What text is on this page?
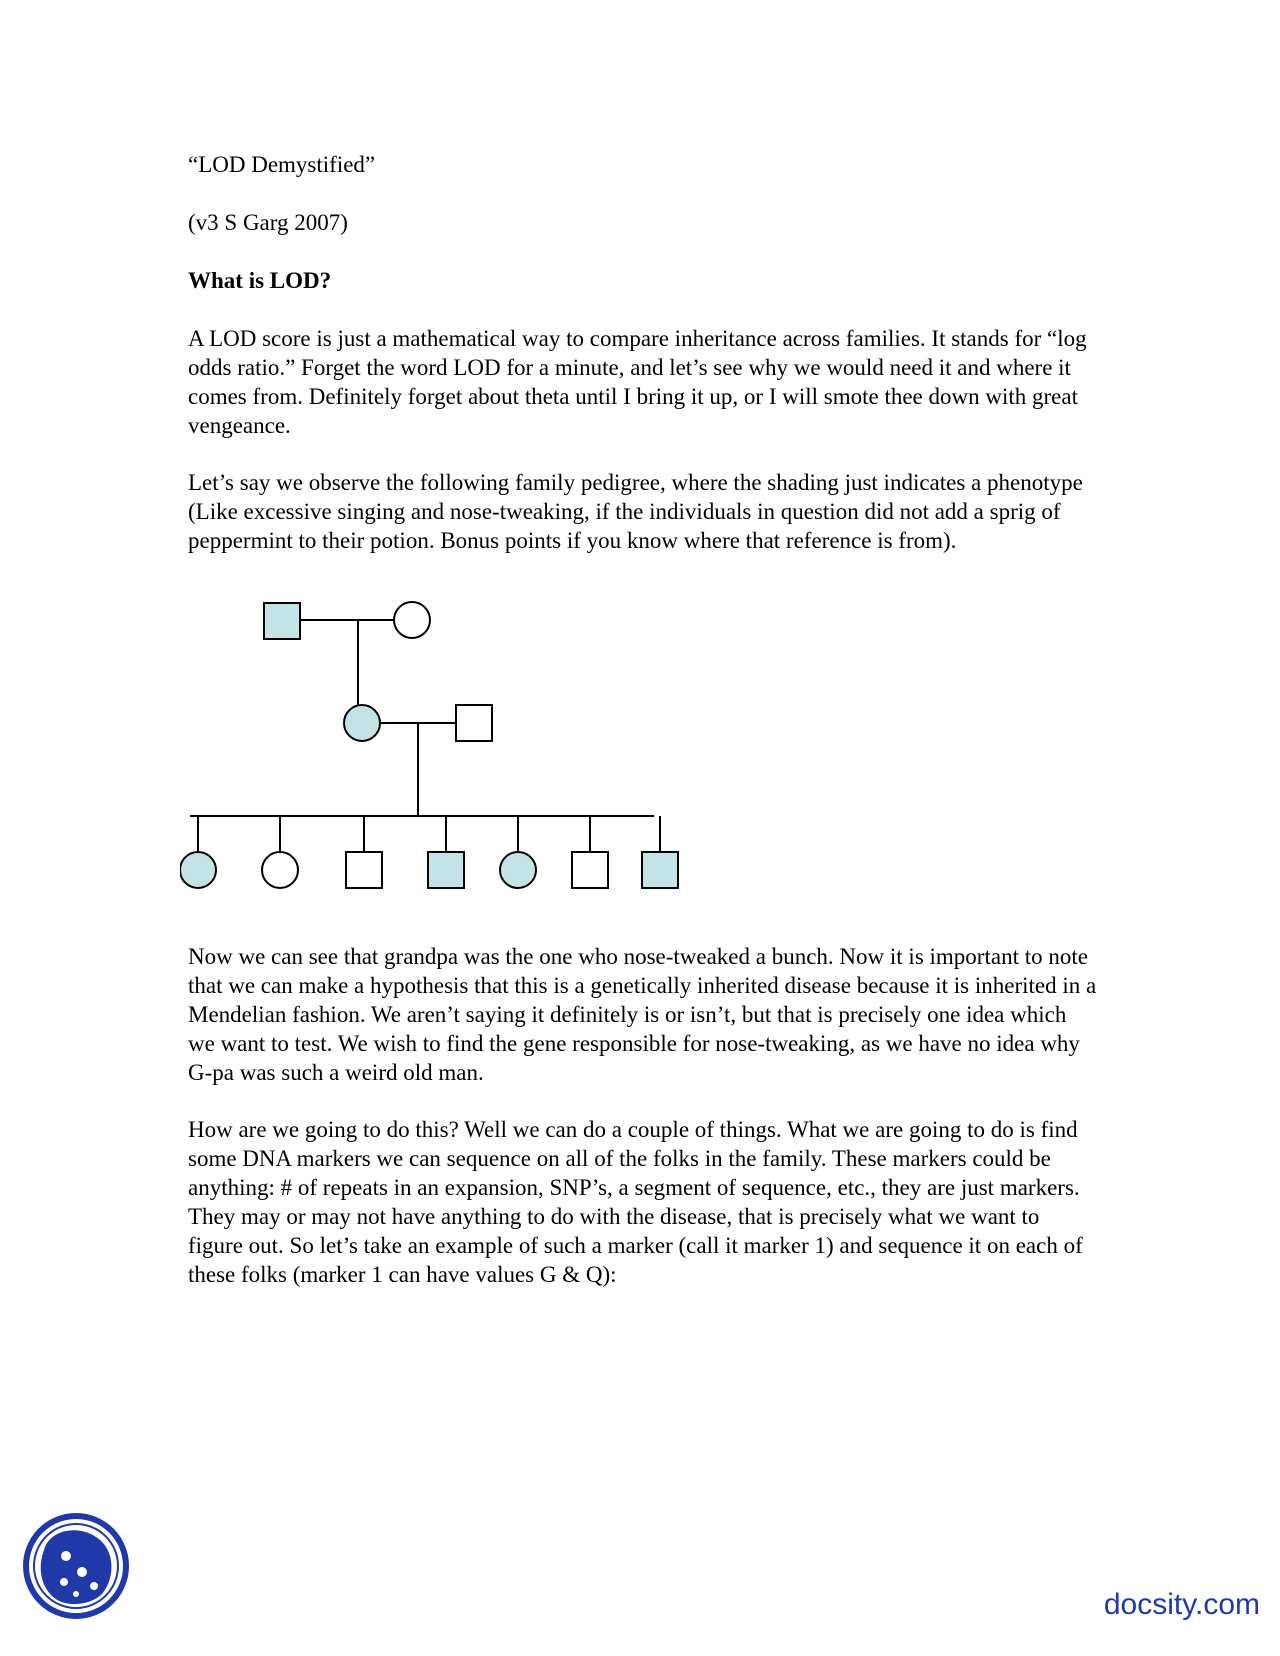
“LOD Demystified”

(v3 S Garg 2007)

What is LOD?

A LOD score is just a mathematical way to compare inheritance across families. It stands for “log odds ratio.” Forget the word LOD for a minute, and let’s see why we would need it and where it comes from. Definitely forget about theta until I bring it up, or I will smote thee down with great vengeance.

Let’s say we observe the following family pedigree, where the shading just indicates a phenotype (Like excessive singing and nose-tweaking, if the individuals in question did not add a sprig of peppermint to their potion. Bonus points if you know where that reference is from).

Now we can see that grandpa was the one who nose-tweaked a bunch. Now it is important to note that we can make a hypothesis that this is a genetically inherited disease because it is inherited in a Mendelian fashion. We aren’t saying it definitely is or isn’t, but that is precisely one idea which we want to test. We wish to find the gene responsible for nose-tweaking, as we have no idea why G-pa was such a weird old man.

How are we going to do this? Well we can do a couple of things. What we are going to do is find some DNA markers we can sequence on all of the folks in the family. These markers could be anything: # of repeats in an expansion, SNP’s, a segment of sequence, etc., they are just markers. They may or may not have anything to do with the disease, that is precisely what we want to figure out. So let’s take an example of such a marker (call it marker 1) and sequence it on each of these folks (marker 1 can have values G & Q):

docsity.com
